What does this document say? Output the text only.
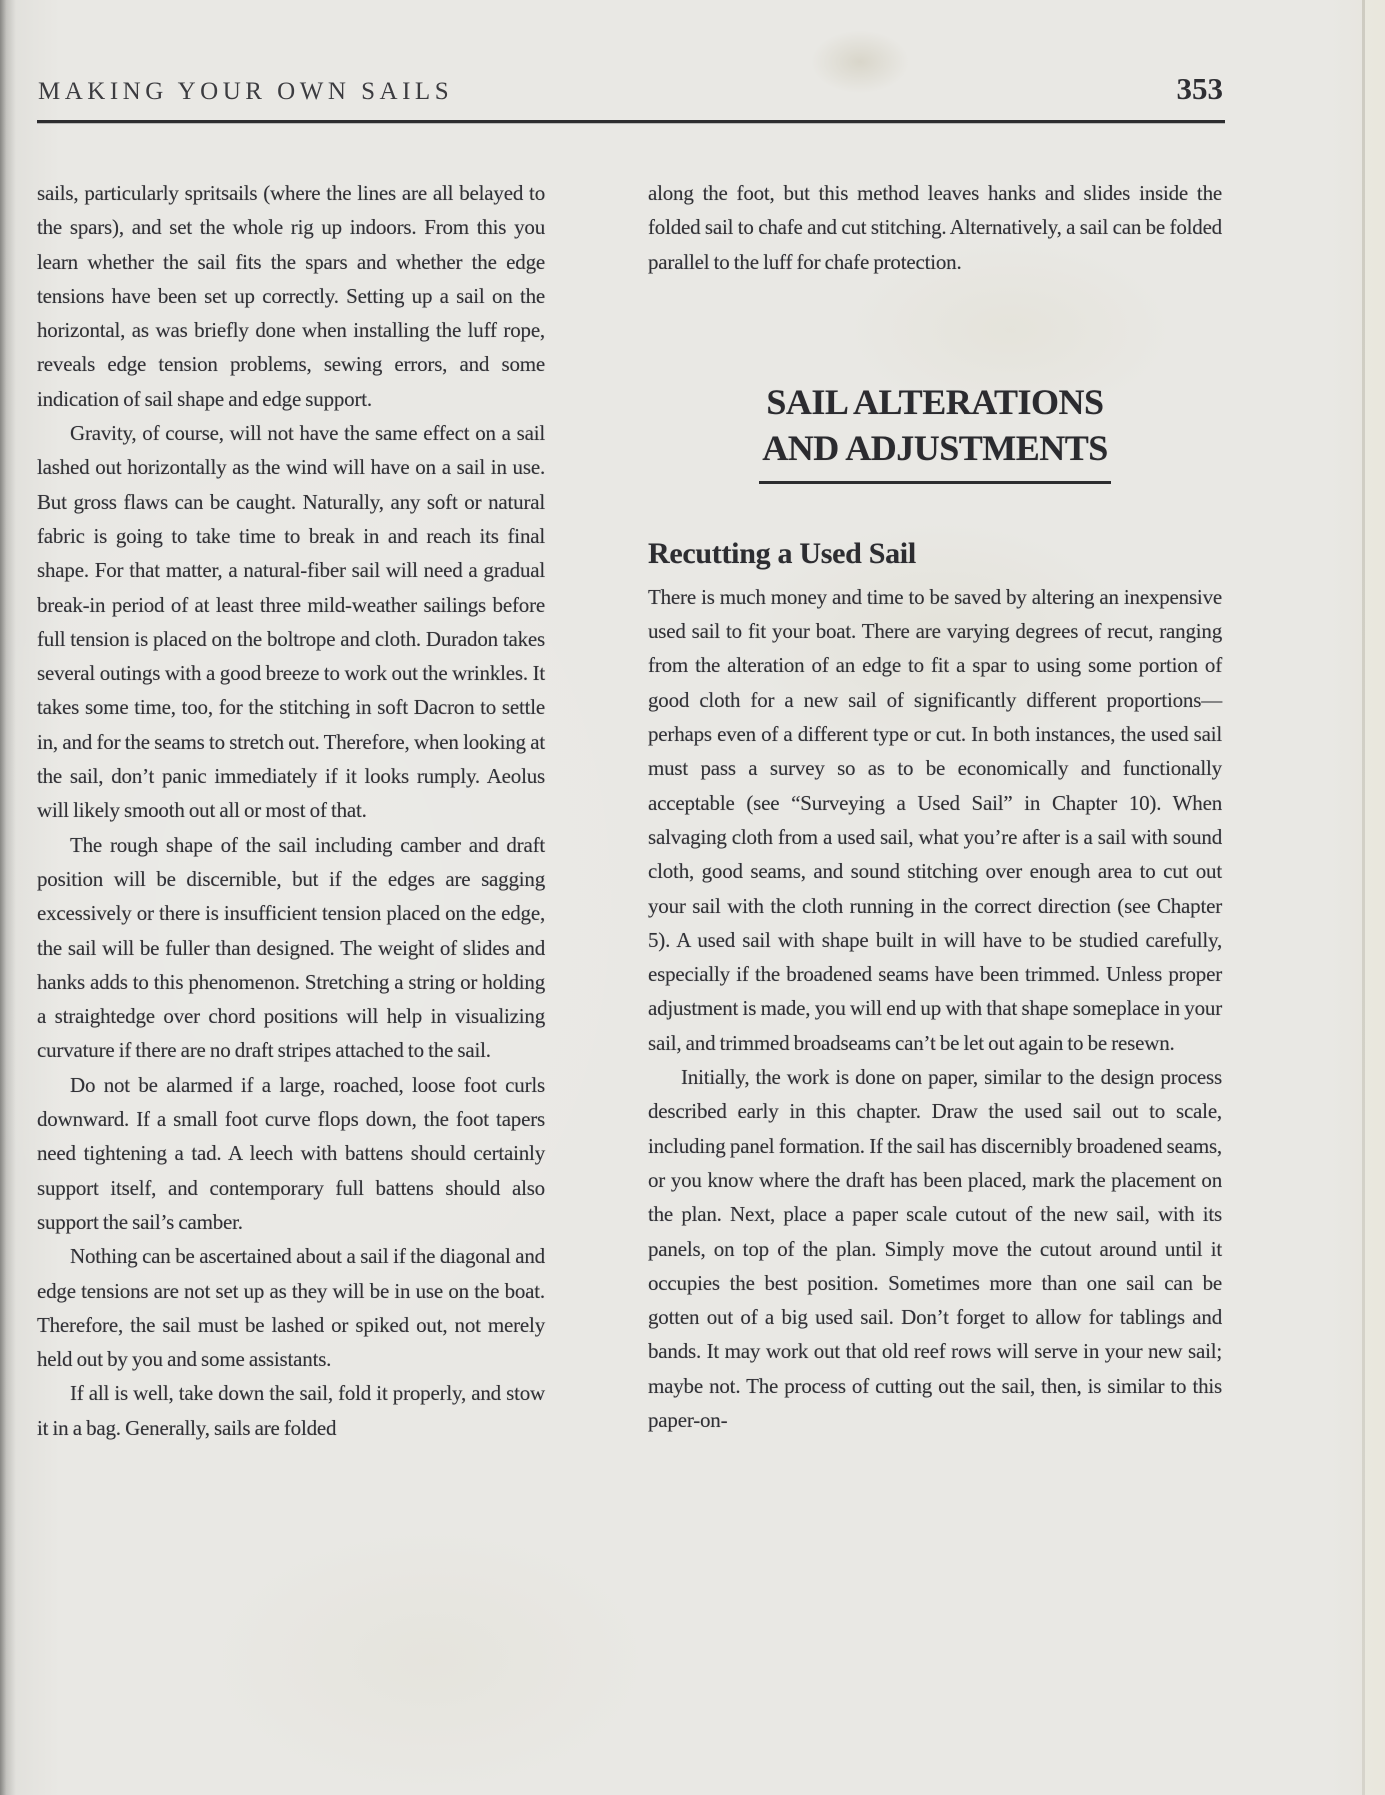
MAKING YOUR OWN SAILS	353

sails, particularly spritsails (where the lines are all belayed to the spars), and set the whole rig up indoors. From this you learn whether the sail fits the spars and whether the edge tensions have been set up correctly. Setting up a sail on the horizontal, as was briefly done when installing the luff rope, reveals edge tension problems, sewing errors, and some indication of sail shape and edge support.

Gravity, of course, will not have the same effect on a sail lashed out horizontally as the wind will have on a sail in use. But gross flaws can be caught. Naturally, any soft or natural fabric is going to take time to break in and reach its final shape. For that matter, a natural-fiber sail will need a gradual break-in period of at least three mild-weather sailings before full tension is placed on the boltrope and cloth. Duradon takes several outings with a good breeze to work out the wrinkles. It takes some time, too, for the stitching in soft Dacron to settle in, and for the seams to stretch out. Therefore, when looking at the sail, don’t panic immediately if it looks rumply. Aeolus will likely smooth out all or most of that.

The rough shape of the sail including camber and draft position will be discernible, but if the edges are sagging excessively or there is insufficient tension placed on the edge, the sail will be fuller than designed. The weight of slides and hanks adds to this phenomenon. Stretching a string or holding a straightedge over chord positions will help in visualizing curvature if there are no draft stripes attached to the sail.

Do not be alarmed if a large, roached, loose foot curls downward. If a small foot curve flops down, the foot tapers need tightening a tad. A leech with battens should certainly support itself, and contemporary full battens should also support the sail’s camber.

Nothing can be ascertained about a sail if the diagonal and edge tensions are not set up as they will be in use on the boat. Therefore, the sail must be lashed or spiked out, not merely held out by you and some assistants.

If all is well, take down the sail, fold it properly, and stow it in a bag. Generally, sails are folded

along the foot, but this method leaves hanks and slides inside the folded sail to chafe and cut stitching. Alternatively, a sail can be folded parallel to the luff for chafe protection.

SAIL ALTERATIONS
AND ADJUSTMENTS
Recutting a Used Sail

There is much money and time to be saved by altering an inexpensive used sail to fit your boat. There are varying degrees of recut, ranging from the alteration of an edge to fit a spar to using some portion of good cloth for a new sail of significantly different proportions—perhaps even of a different type or cut. In both instances, the used sail must pass a survey so as to be economically and functionally acceptable (see “Surveying a Used Sail” in Chapter 10). When salvaging cloth from a used sail, what you’re after is a sail with sound cloth, good seams, and sound stitching over enough area to cut out your sail with the cloth running in the correct direction (see Chapter 5). A used sail with shape built in will have to be studied carefully, especially if the broadened seams have been trimmed. Unless proper adjustment is made, you will end up with that shape someplace in your sail, and trimmed broadseams can’t be let out again to be resewn.

Initially, the work is done on paper, similar to the design process described early in this chapter. Draw the used sail out to scale, including panel formation. If the sail has discernibly broadened seams, or you know where the draft has been placed, mark the placement on the plan. Next, place a paper scale cutout of the new sail, with its panels, on top of the plan. Simply move the cutout around until it occupies the best position. Sometimes more than one sail can be gotten out of a big used sail. Don’t forget to allow for tablings and bands. It may work out that old reef rows will serve in your new sail; maybe not. The process of cutting out the sail, then, is similar to this paper-on-
